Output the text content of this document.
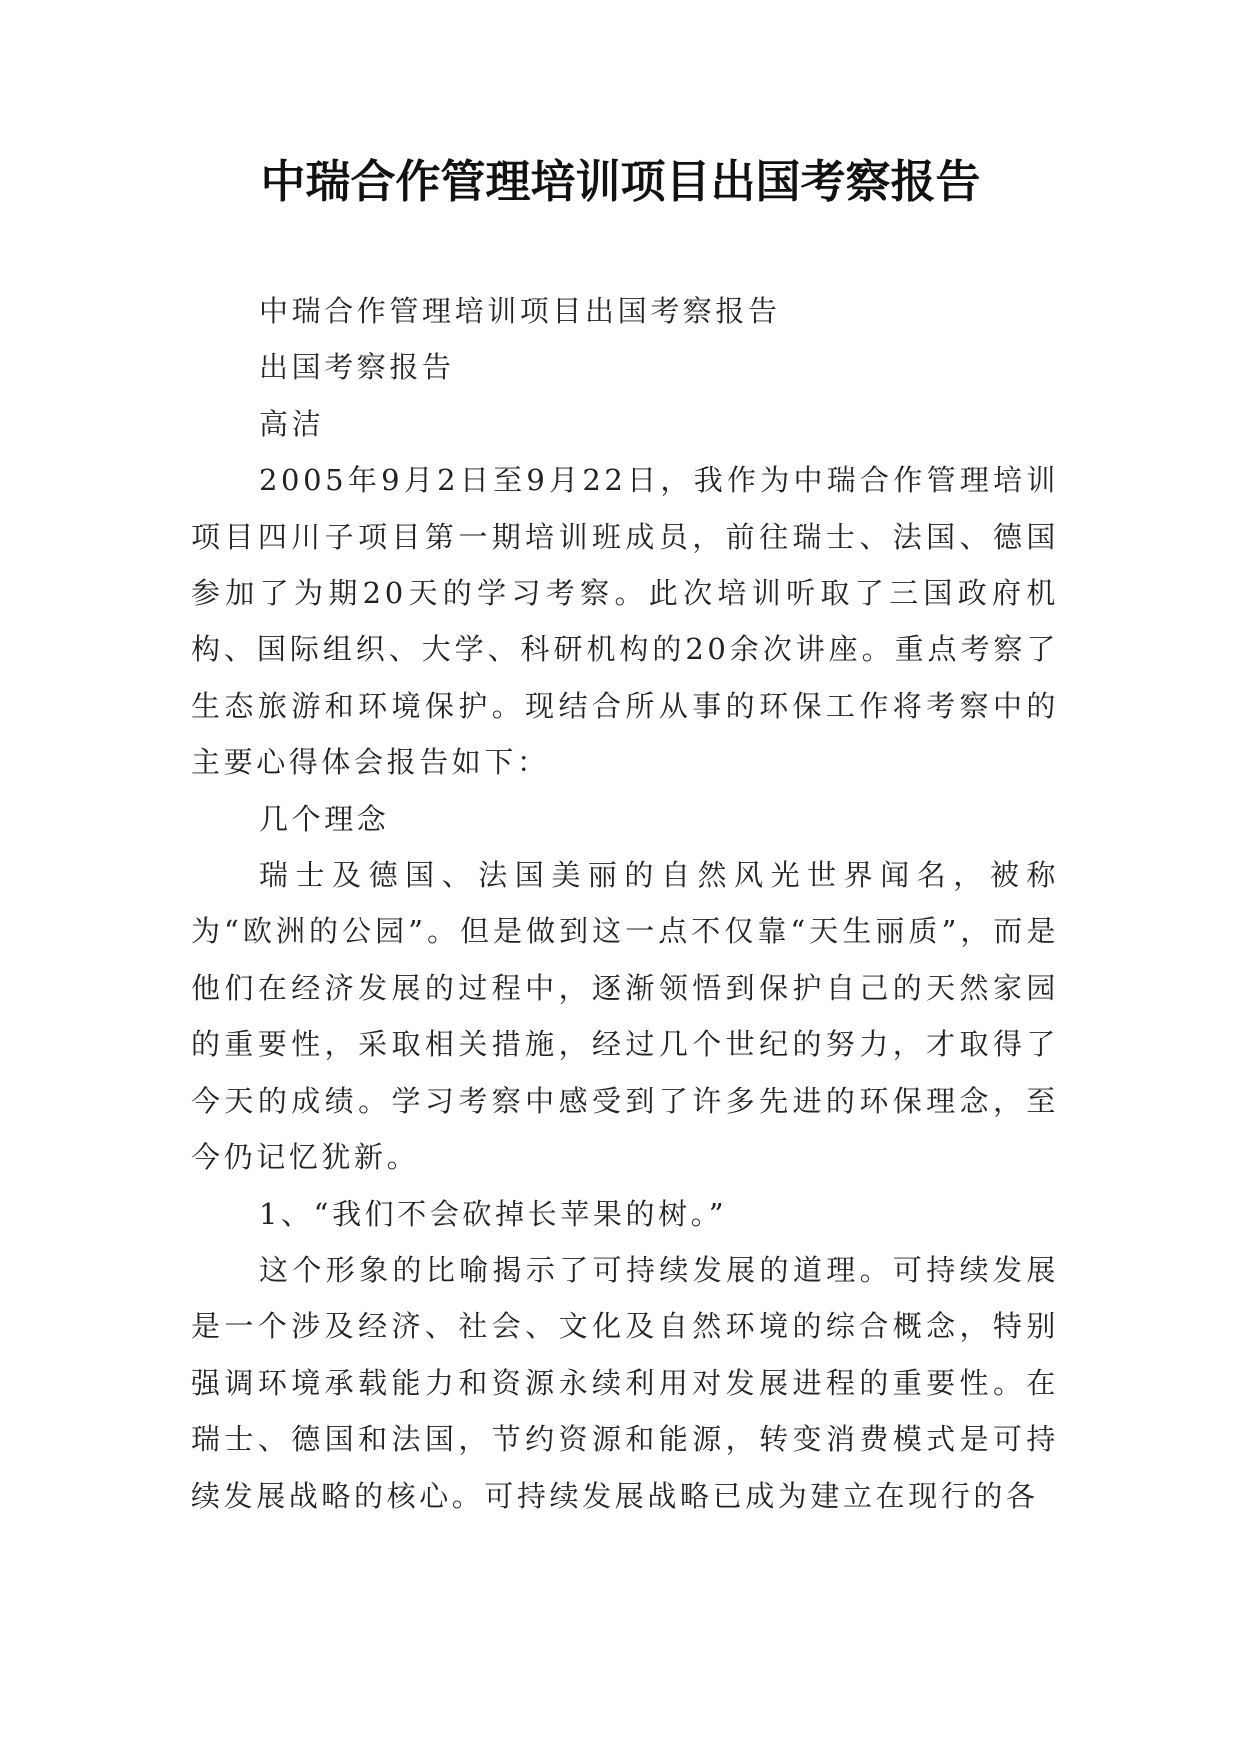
中瑞合作管理培训项目出国考察报告

中瑞合作管理培训项目出国考察报告

出国考察报告

高洁

2005年9月2日至9月22日，我作为中瑞合作管理培训项目四川子项目第一期培训班成员，前往瑞士、法国、德国参加了为期20天的学习考察。此次培训听取了三国政府机构、国际组织、大学、科研机构的20余次讲座。重点考察了生态旅游和环境保护。现结合所从事的环保工作将考察中的主要心得体会报告如下：

几个理念

瑞士及德国、法国美丽的自然风光世界闻名，被称为“欧洲的公园”。但是做到这一点不仅靠“天生丽质”，而是他们在经济发展的过程中，逐渐领悟到保护自己的天然家园的重要性，采取相关措施，经过几个世纪的努力，才取得了今天的成绩。学习考察中感受到了许多先进的环保理念，至今仍记忆犹新。

1、“我们不会砍掉长苹果的树。”

这个形象的比喻揭示了可持续发展的道理。可持续发展是一个涉及经济、社会、文化及自然环境的综合概念，特别强调环境承载能力和资源永续利用对发展进程的重要性。在瑞士、德国和法国，节约资源和能源，转变消费模式是可持续发展战略的核心。可持续发展战略已成为建立在现行的各
